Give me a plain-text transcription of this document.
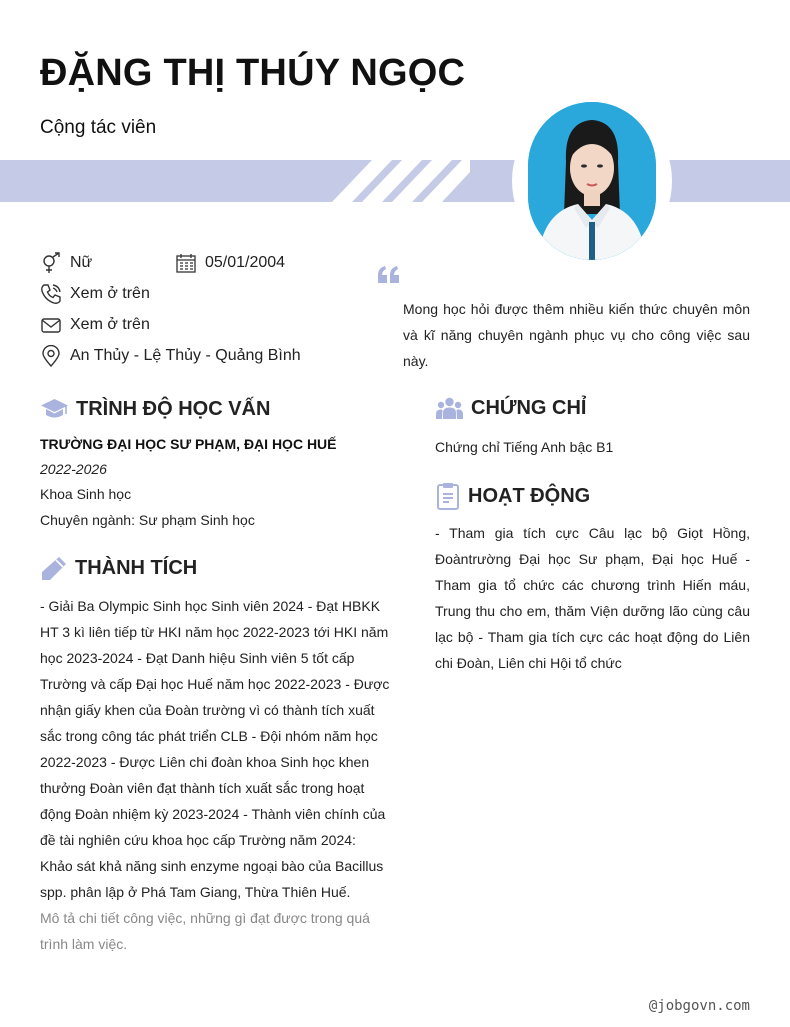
ĐẶNG THỊ THÚY NGỌC
Cộng tác viên
Nữ	05/01/2004
Xem ở trên
Xem ở trên
An Thủy - Lệ Thủy - Quảng Bình
Mong học hỏi được thêm nhiều kiến thức chuyên môn và kĩ năng chuyên ngành phục vụ cho công việc sau này.
TRÌNH ĐỘ HỌC VẤN
TRƯỜNG ĐẠI HỌC SƯ PHẠM, ĐẠI HỌC HUẾ
2022-2026
Khoa Sinh học
Chuyên ngành: Sư phạm Sinh học
THÀNH TÍCH
- Giải Ba Olympic Sinh học Sinh viên 2024 - Đạt HBKK HT 3 kì liên tiếp từ HKI năm học 2022-2023 tới HKI năm học 2023-2024 - Đạt Danh hiệu Sinh viên 5 tốt cấp Trường và cấp Đại học Huế năm học 2022-2023 - Được nhận giấy khen của Đoàn trường vì có thành tích xuất sắc trong công tác phát triển CLB - Đội nhóm năm học 2022-2023 - Được Liên chi đoàn khoa Sinh học khen thưởng Đoàn viên đạt thành tích xuất sắc trong hoạt động Đoàn nhiệm kỳ 2023-2024 - Thành viên chính của đề tài nghiên cứu khoa học cấp Trường năm 2024: Khảo sát khả năng sinh enzyme ngoại bào của Bacillus spp. phân lập ở Phá Tam Giang, Thừa Thiên Huế.
Mô tả chi tiết công việc, những gì đạt được trong quá trình làm việc.
CHỨNG CHỈ
Chứng chỉ Tiếng Anh bậc B1
HOẠT ĐỘNG
- Tham gia tích cực Câu lạc bộ Giọt Hồng, Đoàntrường Đại học Sư phạm, Đại học Huế - Tham gia tổ chức các chương trình Hiến máu, Trung thu cho em, thăm Viện dưỡng lão cùng câu lạc bộ - Tham gia tích cực các hoạt động do Liên chi Đoàn, Liên chi Hội tổ chức
@jobgovn.com
